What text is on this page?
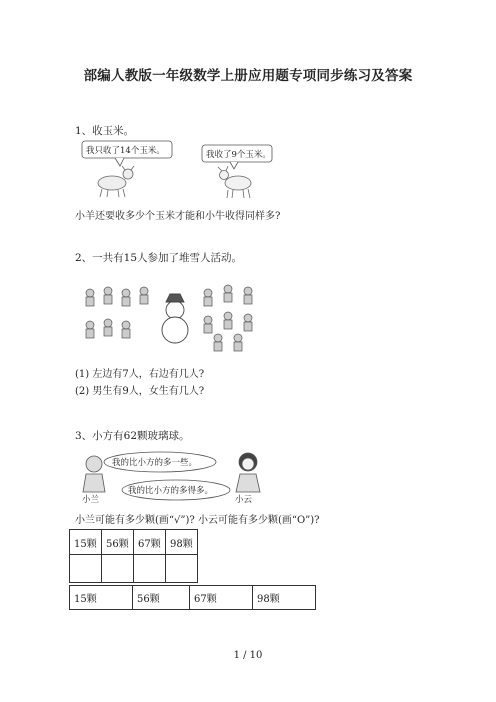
部编人教版一年级数学上册应用题专项同步练习及答案
1、收玉米。
我只收了14个玉米。	我收了9个玉米。
小羊还要收多少个玉米才能和小牛收得同样多?
2、一共有15人参加了堆雪人活动。
(1) 左边有7人，右边有几人?
(2) 男生有9人，女生有几人?
3、小方有62颗玻璃球。
我的比小方的多一些。
我的比小方的多得多。
小兰	小云
小兰可能有多少颗(画“√”)? 小云可能有多少颗(画“O”)?
15颗	56颗	67颗	98颗

15颗	56颗	67颗	98颗
1 / 10
